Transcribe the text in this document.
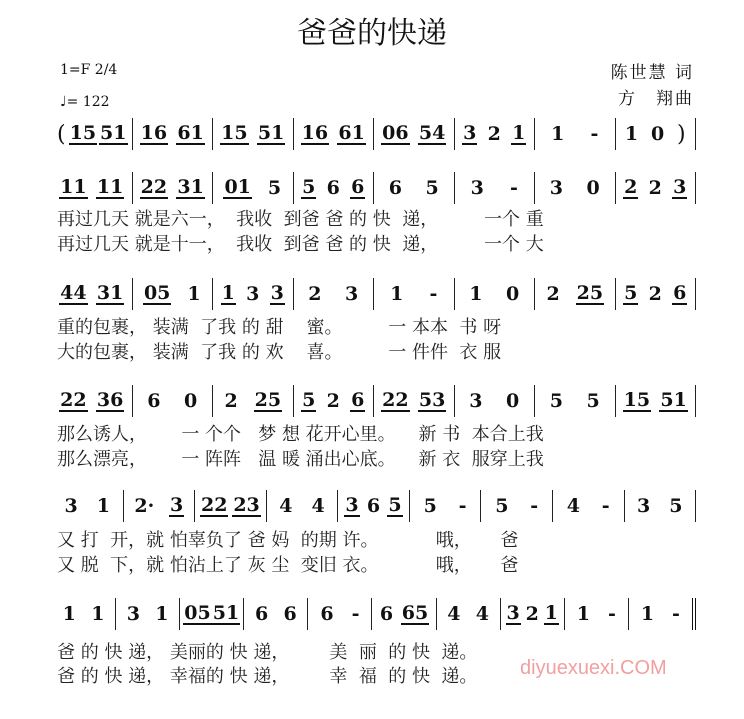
爸爸的快递
1=F 2/4
♩= 122
陈世慧 词
方　翔曲
( 15 51 16 61 15 51 16 61 06 54 3 2 1 1 - 1 0 )
11 11 22 31 01 5 5 6 6 6 5 3 - 3 0 2 2 3
再过几天 就是六一，  我收  到爸 爸 的 快  递，        一个 重
再过几天 就是十一，  我收  到爸 爸 的 快  递，        一个 大
44 31 05 1 1 3 3 2 3 1 - 1 0 2 25 5 2 6
重的包裹， 装满  了我 的 甜    蜜。        一 本本  书 呀
大的包裹， 装满  了我 的 欢    喜。        一 件件  衣 服
22 36 6 0 2 25 5 2 6 22 53 3 0 5 5 15 51
那么诱人，      一 个个   梦 想 花开心里。    新 书  本合上我
那么漂亮，      一 阵阵   温 暖 涌出心底。    新 衣  服穿上我
3 1 2· 3 22 23 4 4 3 6 5 5 - 5 - 4 - 3 5
又 打  开，就 怕辜负了 爸 妈  的期 许。          哦，     爸
又 脱  下，就 怕沾上了 灰 尘  变旧 衣。          哦，     爸
1 1 3 1 05 51 6 6 6 - 6 65 4 4 3 2 1 1 - 1 -
爸 的 快 递， 美丽的 快 递，       美  丽  的 快  递。
爸 的 快 递， 幸福的 快 递，       幸  福  的 快  递。	diyuexuexi.COM
